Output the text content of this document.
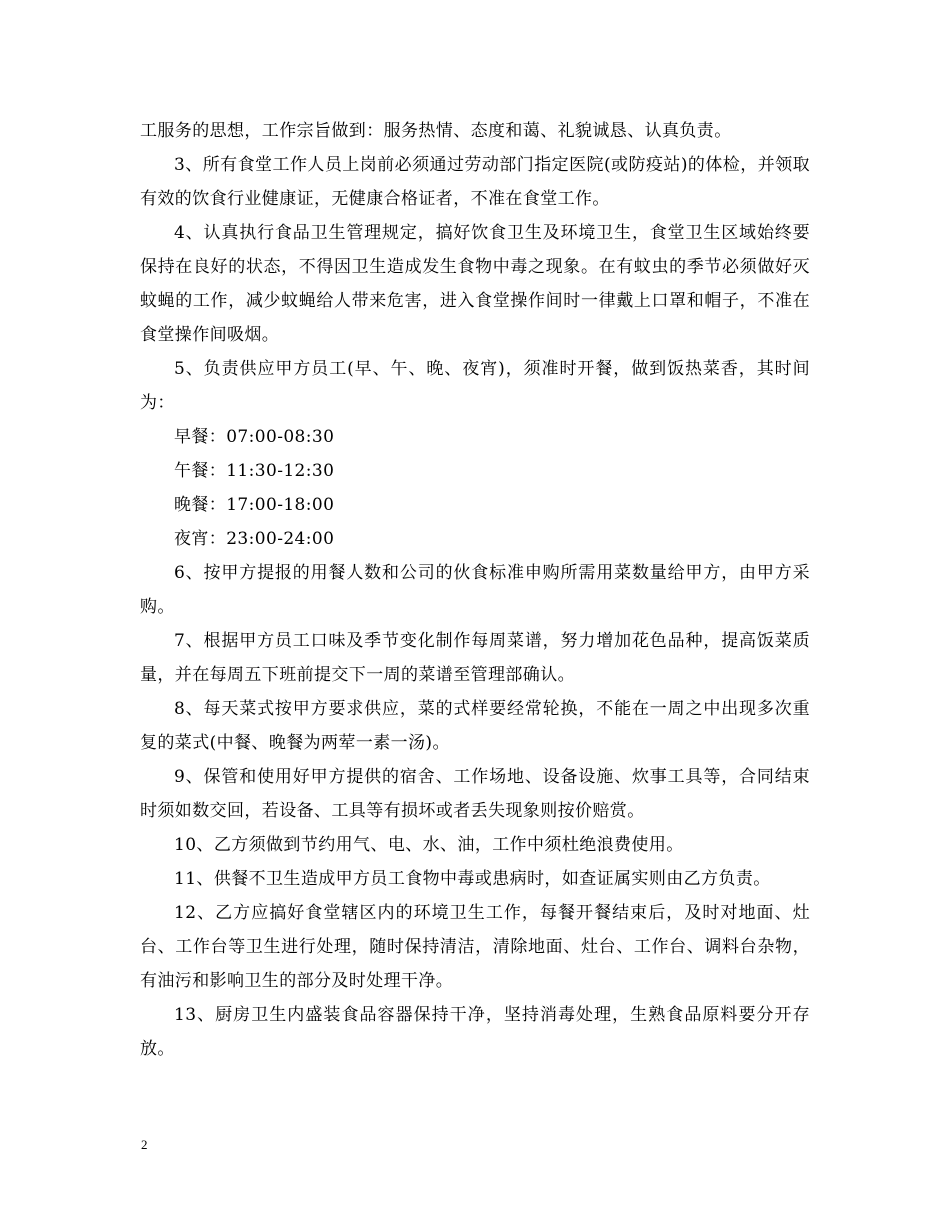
工服务的思想，工作宗旨做到：服务热情、态度和蔼、礼貌诚恳、认真负责。

3、所有食堂工作人员上岗前必须通过劳动部门指定医院(或防疫站)的体检，并领取有效的饮食行业健康证，无健康合格证者，不准在食堂工作。

4、认真执行食品卫生管理规定，搞好饮食卫生及环境卫生，食堂卫生区域始终要保持在良好的状态，不得因卫生造成发生食物中毒之现象。在有蚊虫的季节必须做好灭蚊蝇的工作，减少蚊蝇给人带来危害，进入食堂操作间时一律戴上口罩和帽子，不准在食堂操作间吸烟。

5、负责供应甲方员工(早、午、晚、夜宵)，须准时开餐，做到饭热菜香，其时间为：

早餐：07:00-08:30

午餐：11:30-12:30

晚餐：17:00-18:00

夜宵：23:00-24:00

6、按甲方提报的用餐人数和公司的伙食标准申购所需用菜数量给甲方，由甲方采购。

7、根据甲方员工口味及季节变化制作每周菜谱，努力增加花色品种，提高饭菜质量，并在每周五下班前提交下一周的菜谱至管理部确认。

8、每天菜式按甲方要求供应，菜的式样要经常轮换，不能在一周之中出现多次重复的菜式(中餐、晚餐为两荤一素一汤)。

9、保管和使用好甲方提供的宿舍、工作场地、设备设施、炊事工具等，合同结束时须如数交回，若设备、工具等有损坏或者丢失现象则按价赔赏。

10、乙方须做到节约用气、电、水、油，工作中须杜绝浪费使用。

11、供餐不卫生造成甲方员工食物中毒或患病时，如查证属实则由乙方负责。

12、乙方应搞好食堂辖区内的环境卫生工作，每餐开餐结束后，及时对地面、灶台、工作台等卫生进行处理，随时保持清洁，清除地面、灶台、工作台、调料台杂物，有油污和影响卫生的部分及时处理干净。

13、厨房卫生内盛装食品容器保持干净，坚持消毒处理，生熟食品原料要分开存放。

2
